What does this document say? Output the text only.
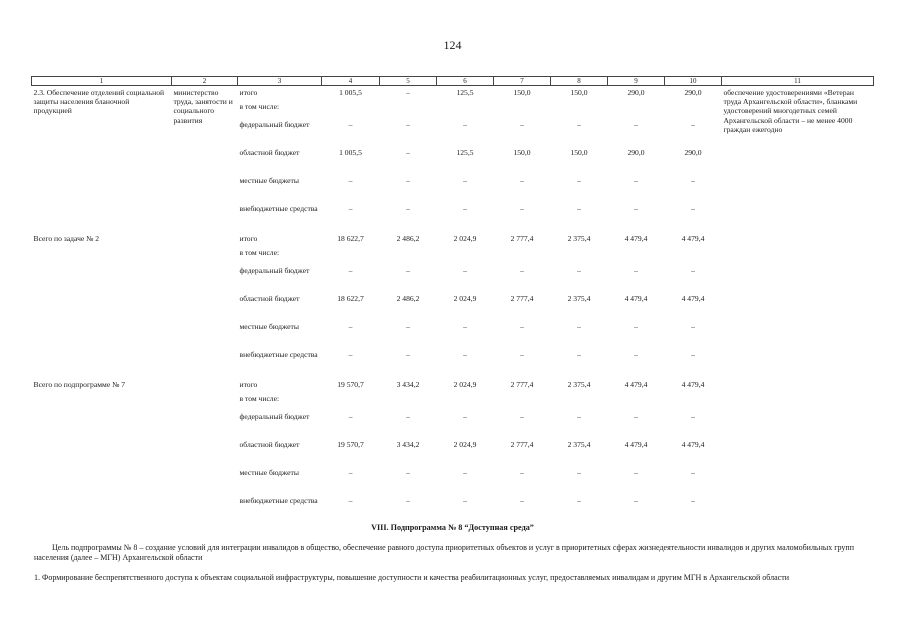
124
1	2	3	4	5	6	7	8	9	10	11
2.3. Обеспечение отделений социальной защиты населения бланочной продукцией	министерство труда, занятости и социального развития	итого	1 005,5	–	125,5	150,0	150,0	290,0	290,0	обеспечение удостоверениями «Ветеран труда Архангельской области», бланками удостоверений многодетных семей Архангельской области – не менее 4000 граждан ежегодно
		в том числе:								
		федеральный бюджет	–	–	–	–	–	–	–	
		областной бюджет	1 005,5	–	125,5	150,0	150,0	290,0	290,0	
		местные бюджеты	–	–	–	–	–	–	–	
		внебюджетные средства	–	–	–	–	–	–	–	
Всего по задаче № 2		итого	18 622,7	2 486,2	2 024,9	2 777,4	2 375,4	4 479,4	4 479,4	
		в том числе:								
		федеральный бюджет	–	–	–	–	–	–	–	
		областной бюджет	18 622,7	2 486,2	2 024,9	2 777,4	2 375,4	4 479,4	4 479,4	
		местные бюджеты	–	–	–	–	–	–	–	
		внебюджетные средства	–	–	–	–	–	–	–	
Всего по подпрограмме № 7		итого	19 570,7	3 434,2	2 024,9	2 777,4	2 375,4	4 479,4	4 479,4	
		в том числе:								
		федеральный бюджет	–	–	–	–	–	–	–	
		областной бюджет	19 570,7	3 434,2	2 024,9	2 777,4	2 375,4	4 479,4	4 479,4	
		местные бюджеты	–	–	–	–	–	–	–	
		внебюджетные средства	–	–	–	–	–	–	–	
VIII. Подпрограмма № 8 “Доступная среда”
Цель подпрограммы № 8 – создание условий для интеграции инвалидов в общество, обеспечение равного доступа приоритетных объектов и услуг в приоритетных сферах жизнедеятельности инвалидов и других маломобильных групп населения (далее – МГН) Архангельской области
1. Формирование беспрепятственного доступа к объектам социальной инфраструктуры, повышение доступности и качества реабилитационных услуг, предоставляемых инвалидам и другим МГН в Архангельской области
